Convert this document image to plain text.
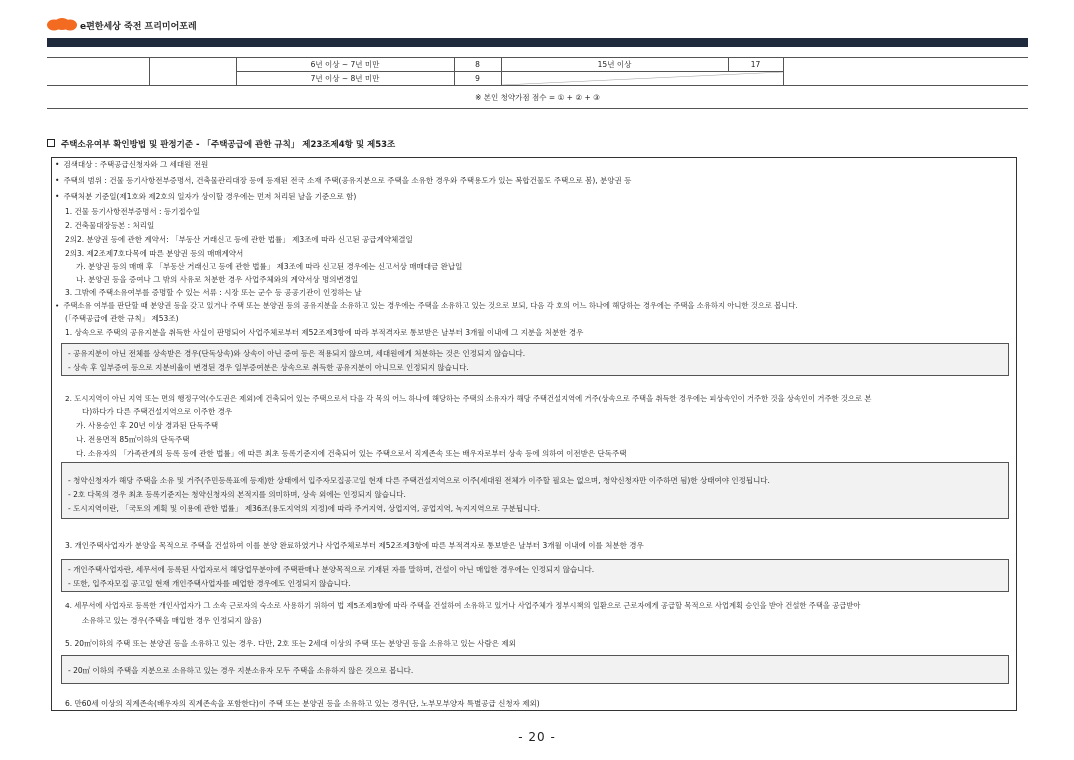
e편한세상 죽전 프리미어포레
		6년 이상 ~ 7년 미만	8	15년 이상	17	
		7년 이상 ~ 8년 미만	9	

※ 본인 청약가점 점수 = ① + ② + ③						
주택소유여부 확인방법 및 판정기준 - 「주택공급에 관한 규칙」 제23조제4항 및 제53조
• 검색대상 : 주택공급신청자와 그 세대원 전원
• 주택의 범위 : 건물 등기사항전부증명서, 건축물관리대장 등에 등재된 전국 소재 주택(공유지분으로 주택을 소유한 경우와 주택용도가 있는 복합건물도 주택으로 봄), 분양권 등
• 주택처분 기준일(제1호와 제2호의 일자가 상이할 경우에는 먼저 처리된 날을 기준으로 함)
1. 건물 등기사항전부증명서 : 등기접수일
2. 건축물대장등본 : 처리일
2의2. 분양권 등에 관한 계약서: 「부동산 거래신고 등에 관한 법률」 제3조에 따라 신고된 공급계약체결일
2의3. 제2조제7호다목에 따른 분양권 등의 매매계약서
가. 분양권 등의 매매 후 「부동산 거래신고 등에 관한 법률」 제3조에 따라 신고된 경우에는 신고서상 매매대금 완납일
나. 분양권 등을 증여나 그 밖의 사유로 처분한 경우 사업주체와의 계약서상 명의변경일
3. 그밖에 주택소유여부를 증명할 수 있는 서류 : 시장 또는 군수 등 공공기관이 인정하는 날
• 주택소유 여부를 판단할 때 분양권 등을 갖고 있거나 주택 또는 분양권 등의 공유지분을 소유하고 있는 경우에는 주택을 소유하고 있는 것으로 보되, 다음 각 호의 어느 하나에 해당하는 경우에는 주택을 소유하지 아니한 것으로 봅니다.
(「주택공급에 관한 규칙」 제53조)
1. 상속으로 주택의 공유지분을 취득한 사실이 판명되어 사업주체로부터 제52조제3항에 따라 부적격자로 통보받은 날부터 3개월 이내에 그 지분을 처분한 경우
- 공유지분이 아닌 전체를 상속받은 경우(단독상속)와 상속이 아닌 증여 등은 적용되지 않으며, 세대원에게 처분하는 것은 인정되지 않습니다.
- 상속 후 일부증여 등으로 지분비율이 변경된 경우 일부증여분은 상속으로 취득한 공유지분이 아니므로 인정되지 않습니다.
2. 도시지역이 아닌 지역 또는 면의 행정구역(수도권은 제외)에 건축되어 있는 주택으로서 다음 각 목의 어느 하나에 해당하는 주택의 소유자가 해당 주택건설지역에 거주(상속으로 주택을 취득한 경우에는 피상속인이 거주한 것을 상속인이 거주한 것으로 본
다)하다가 다른 주택건설지역으로 이주한 경우
가. 사용승인 후 20년 이상 경과된 단독주택
나. 전용면적 85㎡이하의 단독주택
다. 소유자의 「가족관계의 등록 등에 관한 법률」에 따른 최초 등록기준지에 건축되어 있는 주택으로서 직계존속 또는 배우자로부터 상속 등에 의하여 이전받은 단독주택
- 청약신청자가 해당 주택을 소유 및 거주(주민등록표에 등재)한 상태에서 입주자모집공고일 현재 다른 주택건설지역으로 이주(세대원 전체가 이주할 필요는 없으며, 청약신청자만 이주하면 됨)한 상태여야 인정됩니다.
- 2호 다목의 경우 최초 등록기준지는 청약신청자의 본적지를 의미하며, 상속 외에는 인정되지 않습니다.
- 도시지역이란, 「국토의 계획 및 이용에 관한 법률」 제36조(용도지역의 지정)에 따라 주거지역, 상업지역, 공업지역, 녹지지역으로 구분됩니다.
3. 개인주택사업자가 분양을 목적으로 주택을 건설하여 이를 분양 완료하였거나 사업주체로부터 제52조제3항에 따른 부적격자로 통보받은 날부터 3개월 이내에 이를 처분한 경우
- 개인주택사업자란, 세무서에 등록된 사업자로서 해당업무분야에 주택판매나 분양목적으로 기재된 자를 말하며, 건설이 아닌 매입한 경우에는 인정되지 않습니다.
- 또한, 입주자모집 공고일 현재 개인주택사업자를 폐업한 경우에도 인정되지 않습니다.
4. 세무서에 사업자로 등록한 개인사업자가 그 소속 근로자의 숙소로 사용하기 위하여 법 제5조제3항에 따라 주택을 건설하여 소유하고 있거나 사업주체가 정부시책의 일환으로 근로자에게 공급할 목적으로 사업계획 승인을 받아 건설한 주택을 공급받아
소유하고 있는 경우(주택을 매입한 경우 인정되지 않음)
5. 20㎡이하의 주택 또는 분양권 등을 소유하고 있는 경우. 다만, 2호 또는 2세대 이상의 주택 또는 분양권 등을 소유하고 있는 사람은 제외
- 20㎡ 이하의 주택을 지분으로 소유하고 있는 경우 지분소유자 모두 주택을 소유하지 않은 것으로 봅니다.
6. 만60세 이상의 직계존속(배우자의 직계존속을 포함한다)이 주택 또는 분양권 등을 소유하고 있는 경우(단, 노부모부양자 특별공급 신청자 제외)
- 20 -
